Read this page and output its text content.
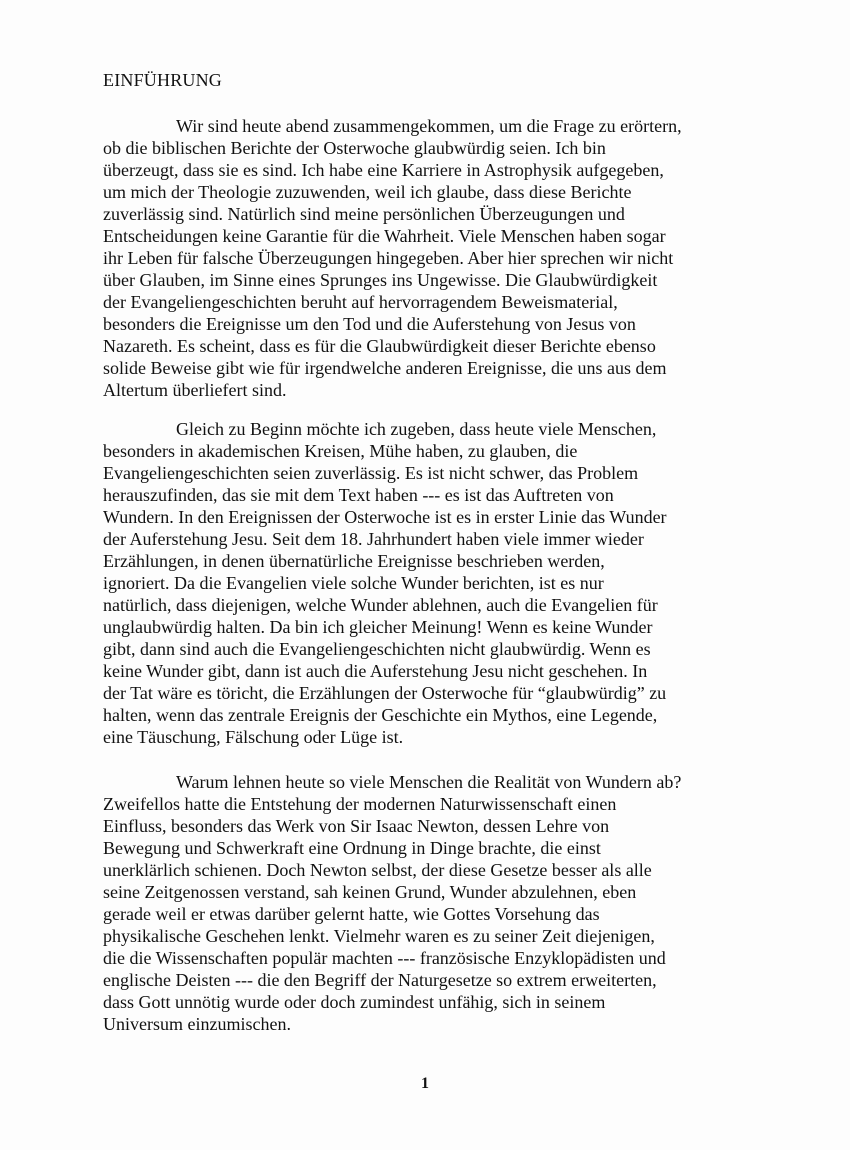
EINFÜHRUNG
Wir sind heute abend zusammengekommen, um die Frage zu erörtern,
ob die biblischen Berichte der Osterwoche glaubwürdig seien. Ich bin
überzeugt, dass sie es sind. Ich habe eine Karriere in Astrophysik aufgegeben,
um mich der Theologie zuzuwenden, weil ich glaube, dass diese Berichte
zuverlässig sind. Natürlich sind meine persönlichen Überzeugungen und
Entscheidungen keine Garantie für die Wahrheit. Viele Menschen haben sogar
ihr Leben für falsche Überzeugungen hingegeben. Aber hier sprechen wir nicht
über Glauben, im Sinne eines Sprunges ins Ungewisse. Die Glaubwürdigkeit
der Evangeliengeschichten beruht auf hervorragendem Beweismaterial,
besonders die Ereignisse um den Tod und die Auferstehung von Jesus von
Nazareth. Es scheint, dass es für die Glaubwürdigkeit dieser Berichte ebenso
solide Beweise gibt wie für irgendwelche anderen Ereignisse, die uns aus dem
Altertum überliefert sind.
Gleich zu Beginn möchte ich zugeben, dass heute viele Menschen,
besonders in akademischen Kreisen, Mühe haben, zu glauben, die
Evangeliengeschichten seien zuverlässig. Es ist nicht schwer, das Problem
herauszufinden, das sie mit dem Text haben --- es ist das Auftreten von
Wundern. In den Ereignissen der Osterwoche ist es in erster Linie das Wunder
der Auferstehung Jesu. Seit dem 18. Jahrhundert haben viele immer wieder
Erzählungen, in denen übernatürliche Ereignisse beschrieben werden,
ignoriert. Da die Evangelien viele solche Wunder berichten, ist es nur
natürlich, dass diejenigen, welche Wunder ablehnen, auch die Evangelien für
unglaubwürdig halten. Da bin ich gleicher Meinung! Wenn es keine Wunder
gibt, dann sind auch die Evangeliengeschichten nicht glaubwürdig. Wenn es
keine Wunder gibt, dann ist auch die Auferstehung Jesu nicht geschehen. In
der Tat wäre es töricht, die Erzählungen der Osterwoche für “glaubwürdig” zu
halten, wenn das zentrale Ereignis der Geschichte ein Mythos, eine Legende,
eine Täuschung, Fälschung oder Lüge ist.
Warum lehnen heute so viele Menschen die Realität von Wundern ab?
Zweifellos hatte die Entstehung der modernen Naturwissenschaft einen
Einfluss, besonders das Werk von Sir Isaac Newton, dessen Lehre von
Bewegung und Schwerkraft eine Ordnung in Dinge brachte, die einst
unerklärlich schienen. Doch Newton selbst, der diese Gesetze besser als alle
seine Zeitgenossen verstand, sah keinen Grund, Wunder abzulehnen, eben
gerade weil er etwas darüber gelernt hatte, wie Gottes Vorsehung das
physikalische Geschehen lenkt. Vielmehr waren es zu seiner Zeit diejenigen,
die die Wissenschaften populär machten --- französische Enzyklopädisten und
englische Deisten --- die den Begriff der Naturgesetze so extrem erweiterten,
dass Gott unnötig wurde oder doch zumindest unfähig, sich in seinem
Universum einzumischen.
1
